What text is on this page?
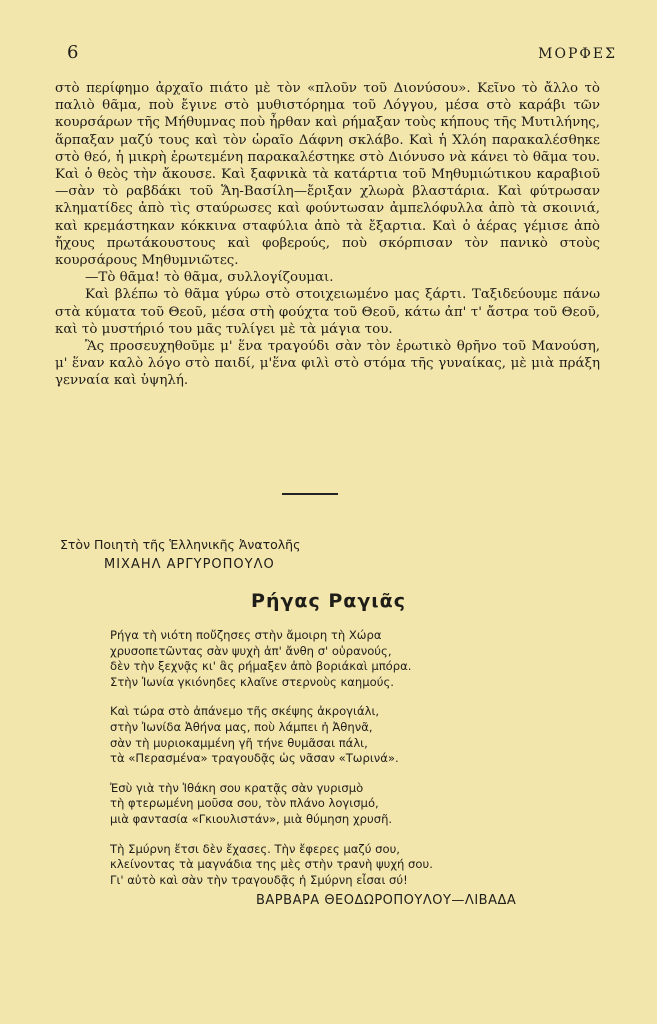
6	ΜΟΡΦΕΣ

στὸ περίφημο ἀρχαῖο πιάτο μὲ τὸν «πλοῦν τοῦ Διονύσου». Κεῖνο τὸ ἄλλο τὸ παλιὸ θᾶμα, ποὺ ἔγινε στὸ μυθιστόρημα τοῦ Λόγγου, μέσα στὸ καράβι τῶν κουρσάρων τῆς Μήθυμνας ποὺ ἦρθαν καὶ ρήμαξαν τοὺς κήπους τῆς Μυτιλήνης, ἅρπαξαν μαζύ τους καὶ τὸν ὡραῖο Δάφνη σκλάβο. Καὶ ἡ Χλόη παρακαλέσθηκε στὸ θεό, ἡ μικρὴ ἐρωτεμένη παρακαλέστηκε στὸ Διόνυσο νὰ κάνει τὸ θᾶμα του. Καὶ ὁ θεὸς τὴν ἄκουσε. Καὶ ξαφνικὰ τὰ κατάρτια τοῦ Μηθυμιώτικου καραβιοῦ—σὰν τὸ ραβδάκι τοῦ Ἅη-Βασίλη—ἔριξαν χλωρὰ βλαστάρια. Καὶ φύτρωσαν κληματίδες ἀπὸ τὶς σταύρωσες καὶ φούντωσαν ἀμπελόφυλλα ἀπὸ τὰ σκοινιά, καὶ κρεμάστηκαν κόκκινα σταφύλια ἀπὸ τὰ ἔξαρτια. Καὶ ὁ ἀέρας γέμισε ἀπὸ ἤχους πρωτάκουστους καὶ φοβερούς, ποὺ σκόρπισαν τὸν πανικὸ στοὺς κουρσάρους Μηθυμνιῶτες.

—Τὸ θᾶμα! τὸ θᾶμα, συλλογίζουμαι.

Καὶ βλέπω τὸ θᾶμα γύρω στὸ στοιχειωμένο μας ξάρτι. Ταξιδεύουμε πάνω στὰ κύματα τοῦ Θεοῦ, μέσα στὴ φούχτα τοῦ Θεοῦ, κάτω ἀπ' τ' ἄστρα τοῦ Θεοῦ, καὶ τὸ μυστήριό του μᾶς τυλίγει μὲ τὰ μάγια του.

Ἂς προσευχηθοῦμε μ' ἕνα τραγούδι σὰν τὸν ἐρωτικὸ θρῆνο τοῦ Μανούση, μ' ἕναν καλὸ λόγο στὸ παιδί, μ'ἕνα φιλὶ στὸ στόμα τῆς γυναίκας, μὲ μιὰ πράξη γενναία καὶ ὑψηλή.

Στὸν Ποιητὴ τῆς Ἑλληνικῆς Ἀνατολῆς
ΜΙΧΑΗΛ ΑΡΓΥΡΟΠΟΥΛΟ
Ρήγας Ραγιᾶς
Ρήγα τὴ νιότη ποὔζησες στὴν ἄμοιρη τὴ Χώρα
χρυσοπετῶντας σὰν ψυχὴ ἀπ' ἄνθη σ' οὐρανούς,
δὲν τὴν ξεχνᾷς κι' ἂς ρήμαξεν ἀπὸ βοριάκαὶ μπόρα.
Στὴν Ἰωνία γκιόνηδες κλαῖνε στερνοὺς καημούς.
Καὶ τώρα στὸ ἀπάνεμο τῆς σκέψης ἀκρογιάλι,
στὴν Ἰωνίδα Ἀθήνα μας, ποὺ λάμπει ἡ Ἀθηνᾶ,
σὰν τὴ μυριοκαμμένη γῆ τήνε θυμᾶσαι πάλι,
τὰ «Περασμένα» τραγουδᾷς ὡς νᾶσαν «Τωρινά».
Ἐσὺ γιὰ τὴν Ἰθάκη σου κρατᾷς σὰν γυρισμὸ
τὴ φτερωμένη μοῦσα σου, τὸν πλάνο λογισμό,
μιὰ φαντασία «Γκιουλιστάν», μιὰ θύμηση χρυσῆ.
Τὴ Σμύρνη ἔτσι δὲν ἔχασες. Τὴν ἔφερες μαζύ σου,
κλείνοντας τὰ μαγνάδια της μὲς στὴν τρανὴ ψυχή σου.
Γι' αὐτὸ καὶ σὰν τὴν τραγουδᾷς ἡ Σμύρνη εἶσαι σύ!
ΒΑΡΒΑΡΑ ΘΕΟΔΩΡΟΠΟΥΛΟΥ—ΛΙΒΑΔΑ
